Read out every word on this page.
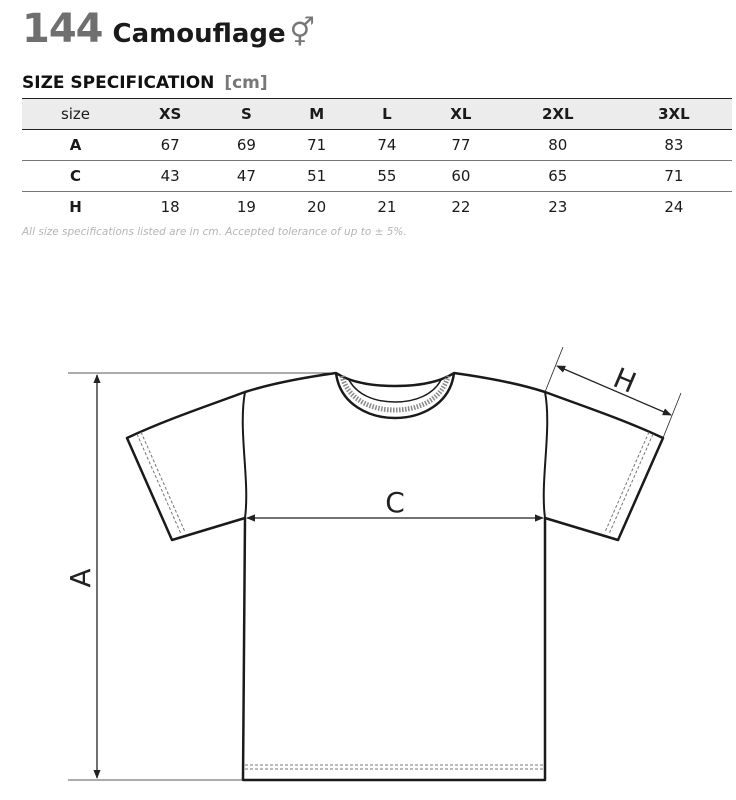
144 Camouflage ⚥
SIZE SPECIFICATION [cm]
size	XS	S	M	L	XL	2XL	3XL
A	67	69	71	74	77	80	83
C	43	47	51	55	60	65	71
H	18	19	20	21	22	23	24
All size specifications listed are in cm. Accepted tolerance of up to ± 5%.
A
C
H
